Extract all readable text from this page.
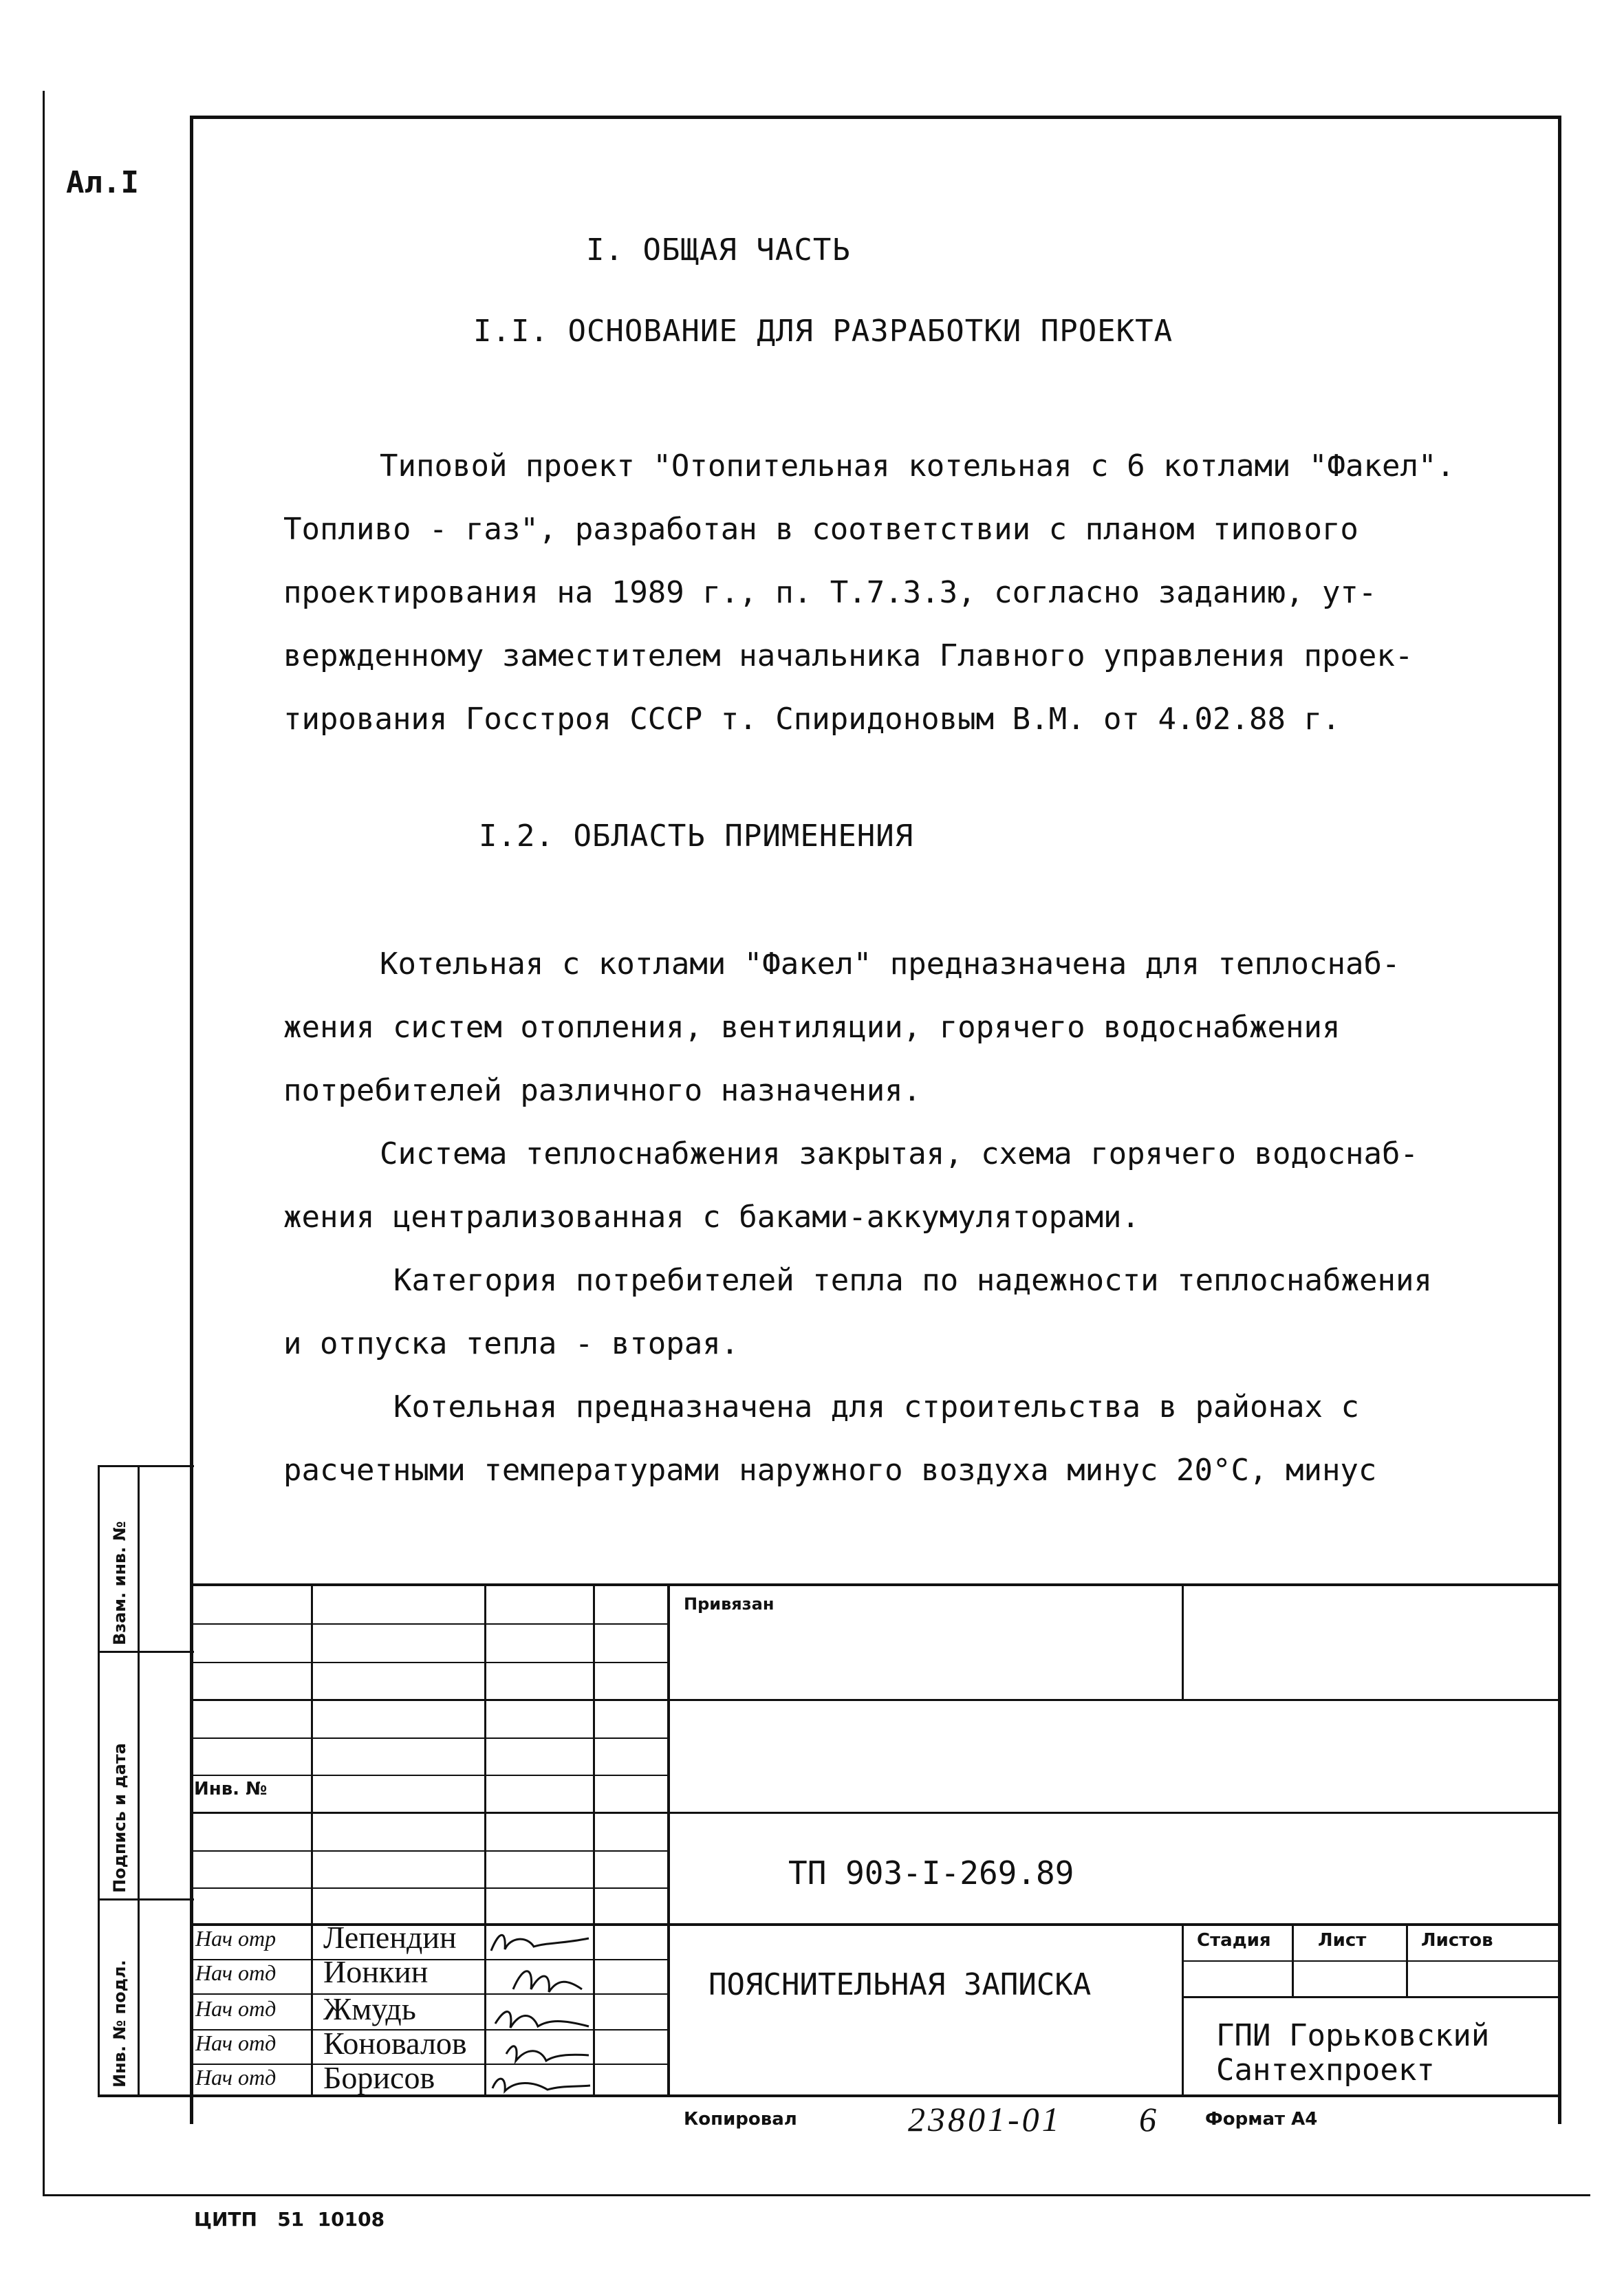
Ал.I
I. ОБЩАЯ ЧАСТЬ
I.I. ОСНОВАНИЕ ДЛЯ РАЗРАБОТКИ ПРОЕКТА

Типовой проект "Отопительная котельная с 6 котлами "Факел".

Топливо - газ", разработан в соответствии с планом типового

проектирования на 1989 г., п. Т.7.3.3, согласно заданию, ут-

вержденному заместителем начальника Главного управления проек-

тирования Госстроя СССР т. Спиридоновым В.М. от 4.02.88 г.

I.2. ОБЛАСТЬ ПРИМЕНЕНИЯ

Котельная с котлами "Факел" предназначена для теплоснаб-

жения систем отопления, вентиляции, горячего водоснабжения

потребителей различного назначения.

Система теплоснабжения закрытая, схема горячего водоснаб-

жения централизованная с баками-аккумуляторами.

Категория потребителей тепла по надежности теплоснабжения

и отпуска тепла - вторая.

Котельная предназначена для строительства в районах с

расчетными температурами наружного воздуха минус 20°С, минус

Взам. инв. №
Подпись и дата
Инв. № подл.
Привязан
Инв. №
ТП 903-I-269.89
ПОЯСНИТЕЛЬНАЯ ЗАПИСКА
Стадия	Лист	Листов
ГПИ Горьковский
Сантехпроект
Нач отр Лепендин
Нач отд Ионкин
Нач отд Жмудь
Нач отд Коновалов
Нач отд Борисов
Копировал	23801-01 6	Формат А4
ЦИТП   51  10108
